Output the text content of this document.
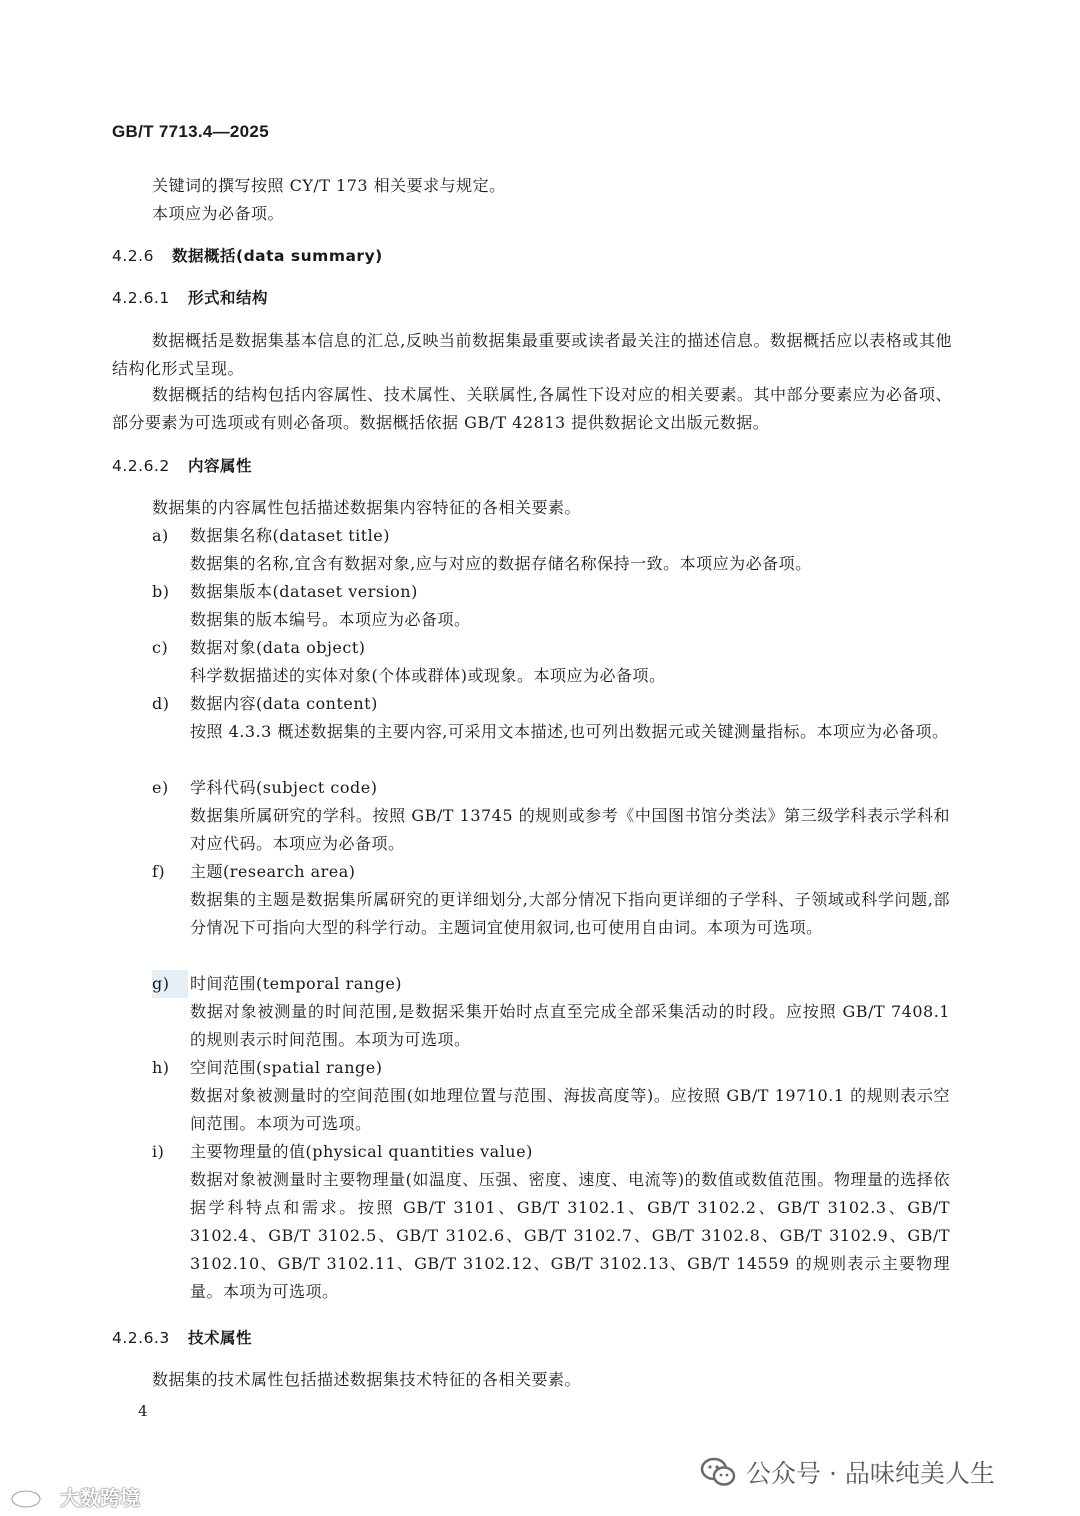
GB/T 7713.4—2025
关键词的撰写按照 CY/T 173 相关要求与规定。
本项应为必备项。
4.2.6 数据概括(data summary)
4.2.6.1 形式和结构
数据概括是数据集基本信息的汇总,反映当前数据集最重要或读者最关注的描述信息。数据概括应以表格或其他结构化形式呈现。
数据概括的结构包括内容属性、技术属性、关联属性,各属性下设对应的相关要素。其中部分要素应为必备项、部分要素为可选项或有则必备项。数据概括依据 GB/T 42813 提供数据论文出版元数据。
4.2.6.2 内容属性
数据集的内容属性包括描述数据集内容特征的各相关要素。
a)	数据集名称(dataset title)
数据集的名称,宜含有数据对象,应与对应的数据存储名称保持一致。本项应为必备项。
b)	数据集版本(dataset version)
数据集的版本编号。本项应为必备项。
c)	数据对象(data object)
科学数据描述的实体对象(个体或群体)或现象。本项应为必备项。
d)	数据内容(data content)
按照 4.3.3 概述数据集的主要内容,可采用文本描述,也可列出数据元或关键测量指标。本项应为必备项。
e)	学科代码(subject code)
数据集所属研究的学科。按照 GB/T 13745 的规则或参考《中国图书馆分类法》第三级学科表示学科和对应代码。本项应为必备项。
f)	主题(research area)
数据集的主题是数据集所属研究的更详细划分,大部分情况下指向更详细的子学科、子领域或科学问题,部分情况下可指向大型的科学行动。主题词宜使用叙词,也可使用自由词。本项为可选项。
g)	时间范围(temporal range)
数据对象被测量的时间范围,是数据采集开始时点直至完成全部采集活动的时段。应按照 GB/T 7408.1的规则表示时间范围。本项为可选项。
h)	空间范围(spatial range)
数据对象被测量时的空间范围(如地理位置与范围、海拔高度等)。应按照 GB/T 19710.1 的规则表示空间范围。本项为可选项。
i)	主要物理量的值(physical quantities value)
数据对象被测量时主要物理量(如温度、压强、密度、速度、电流等)的数值或数值范围。物理量的选择依据学科特点和需求。按照 GB/T 3101、GB/T 3102.1、GB/T 3102.2、GB/T 3102.3、GB/T 3102.4、GB/T 3102.5、GB/T 3102.6、GB/T 3102.7、GB/T 3102.8、GB/T 3102.9、GB/T 3102.10、GB/T 3102.11、GB/T 3102.12、GB/T 3102.13、GB/T 14559 的规则表示主要物理量。本项为可选项。
4.2.6.3 技术属性
数据集的技术属性包括描述数据集技术特征的各相关要素。
4
公众号 · 品味纯美人生
大数跨境
